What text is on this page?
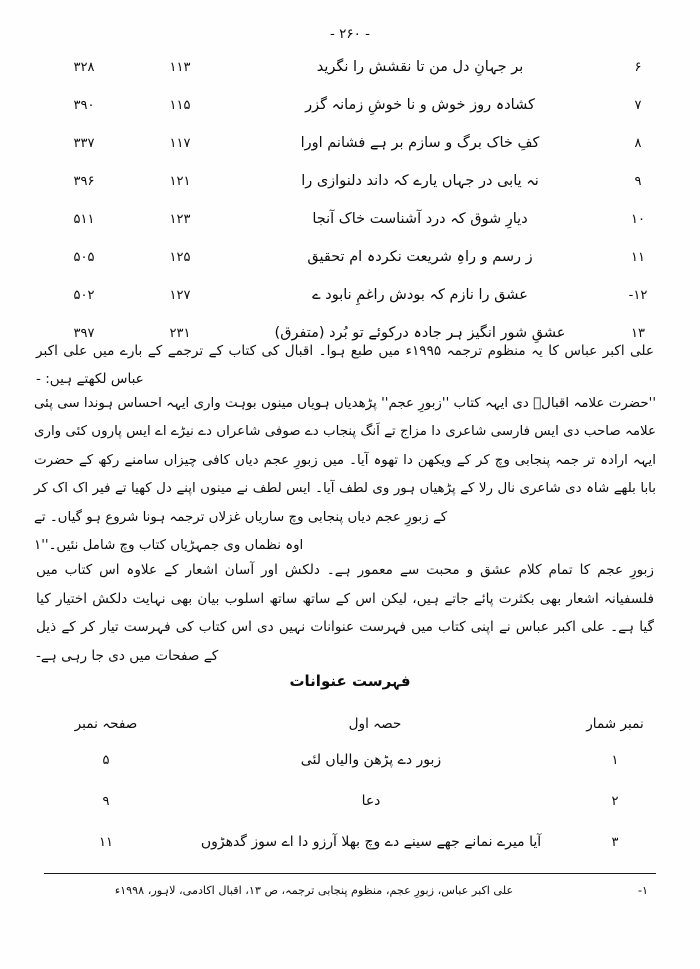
- ۲۶۰ -
۶
بر جہانِ دل من تا نقشش را نگرید
۱۱۳
۳۲۸
۷
کشادہ روز خوش و نا خوشِ زمانہ گزر
۱۱۵
۳۹۰
۸
کفِ خاک برگ و سازم بر ہے فشانم اورا
۱۱۷
۳۳۷
۹
نہ یابی در جہاں یارے کہ داند دلنوازی را
۱۲۱
۳۹۶
۱۰
دیارِ شوق کہ درد آشناست خاک آنجا
۱۲۳
۵۱۱
۱۱
ز رسم و راہِ شریعت نکردہ ام تحقیق
۱۲۵
۵۰۵
۱۲-
عشق را نازم کہ بودش راغمِ نابود ے
۱۲۷
۵۰۲
۱۳
عشقِ شور انگیز ہر جادہ درکوئے تو بُرد (متفرق)
۲۳۱
۳۹۷
علی اکبر عباس کا یہ منظوم ترجمہ ۱۹۹۵ء میں طبع ہوا۔ اقبال کی کتاب کے ترجمے کے بارے میں علی اکبر عباس لکھتے ہیں: -
''حضرت علامہ اقبالؒ دی ایہہ کتاب ''زبورِ عجم'' پڑھدیاں ہویاں مینوں بوہت واری ایہہ احساس ہوندا سی پئی علامہ صاحب دی ایس فارسی شاعری دا مزاج تے اَنگ پنجاب دے صوفی شاعراں دے نیڑے اے ایس پاروں کئی واری ایہہ ارادہ تر جمہ پنجابی وچ کر کے ویکھن دا تھوہ آیا۔ میں زبورِ عجم دیاں کافی چیزاں سامنے رکھ کے حضرت بابا بلھے شاہ دی شاعری نال رلا کے پڑھیاں ہور وی لطف آیا۔ ایس لطف نے مینوں اپنے دل کھیا تے فیر اک اک کر کے زبورِ عجم دیاں پنجابی وچ ساریاں غزلاں ترجمہ ہونا شروع ہو گیاں۔ تے
اوہ نظماں وی جمہڑیاں کتاب وچ شامل نئیں۔''۱
زبورِ عجم کا تمام کلام عشق و محبت سے معمور ہے۔ دلکش اور آسان اشعار کے علاوہ اس کتاب میں فلسفیانہ اشعار بھی بکثرت پائے جاتے ہیں، لیکن اس کے ساتھ ساتھ اسلوب بیان بھی نہایت دلکش اختیار کیا گیا ہے۔ علی اکبر عباس نے اپنی کتاب میں فہرست عنوانات نہیں دی اس کتاب کی فہرست تیار کر کے ذیل کے صفحات میں دی جا رہی ہے-
فہرست عنوانات
نمبر شمار
حصہ اول
صفحہ نمبر
۱
زبور دے پڑھن والیاں لئی
۵
۲
دعا
۹
۳
آیا میرے نمانے جھے سینے دے وچ بھلا آرزو دا اے سوز گدھڑوں
۱۱
۱-
علی اکبر عباس، زبورِ عجم، منظوم پنجابی ترجمہ، ص ۱۳، اقبال اکادمی، لاہور، ۱۹۹۸ء
